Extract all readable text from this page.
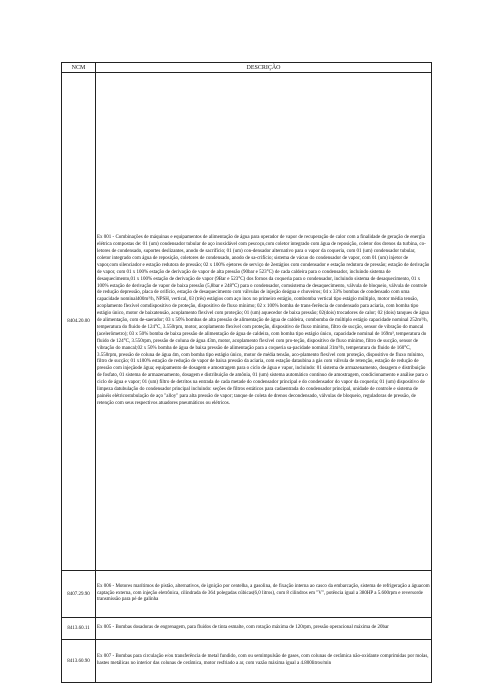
NCM	DESCRIÇÃO
8404.20.00	Ex 001 - Combinações de máquinas e equipamentos de alimentação de água para operador de vapor de recuperação de calor com a finalidade de geração de energia elétrica compostas de: 01 (um) condensador tubular de aço inoxidável com pescoço,com coletor integrado com água de reposição, coletor dos drenos da turbina, co-letores de condensado, suportes deslizantes, anodo de sacrifício; 01 (um) con-densador alternativo para o vapor da coqueria, com 01 (um) condensador tubular, coletor integrado com água de reposição, coletores de condensado, anodo de sa-crifício; sistema de vácuo do condensador de vapor, com 01 (um) injetor de vapor,com silenciador e estação redutora de pressão; 02 x 100% ejetores de serviço de 2estágios com condensador e estação redutora de pressão; estação de derivação de vapor, com 01 x 100% estação de derivação de vapor de alta pressão (90bar e 523°C) de cada caldeira para o condensador, incluindo sistema de desaquecimento,01 x 100% estação de derivação de vapor (9Bar e 523°C) dos fornos da coqueria para o condensador, incluindo sistema de desaquecimento, 01 x 100% estação de derivação de vapor de baixa pressão (5,8bar e 248°C) para o condensador, comsistema de desaquecimento, válvula de bloqueio, válvula de controle de redução depressão, placa de orifício, estação de desaquecimento com válvulas de injeção deágua e chuveiros; 04 x 33% bombas de condensado com uma capacidade nominal400m³/h, NPSH, vertical, 03 (três) estágios com aço inox no primeiro estágio, combomba vertical tipo estágio múltiplo, motor média tensão, acoplamento flexível comdispositivo de proteção, dispositivo de fluxo mínimo; 02 x 100% bomba de trans-ferência de condensado para aciaria, com bomba tipo estágio único, motor de baixatensão, acoplamento flexível com proteção; 01 (um) aquecedor de baixa pressão; 02(dois) trocadores de calor; 02 (dois) tanques de água de alimentação, com de-saerador; 03 x 50% bombas de alta pressão de alimentação de água de caldeira, combomba de múltiplo estágio capacidade nominal 252m³/h, temperatura do fluido de 124°C, 3.550rpm, motor, acoplamento flexível com proteção, dispositivo de fluxo mínimo, filtro de sucção, sensor de vibração do mancal (acelerômetro); 03 x 50% bomba de baixa pressão de alimentação de água de caldeira, com bomba tipo estágio único, capacidade nominal de 169m³, temperatura do fluido de 124°C, 3.550rpm, pressão de coluna de água 43m, motor, acoplamento flexível com pro-teção, dispositivo de fluxo mínimo, filtro de sucção, sensor de vibração do mancal;02 x 50% bomba de água de baixa pressão de alimentação para a coqueria sa-pacidade nominal 31m³/h, temperatura do fluido de 160°C, 3.550rpm, pressão de coluna de água 4m, com bomba tipo estágio único, motor de média tensão, aco-plamento flexível com proteção, dispositivo de fluxo mínimo, filtro de sucção; 01 x100% estação de redução de vapor de baixa pressão da aciaria, com estação dataubina a gás com válvula de retenção, estação de redução de pressão com injeçãode água; equipamento de dosagem e amostragem para o ciclo de água e vapor, incluindo: 01 sistema de armazenamento, dosagem e distribuição de fosfato, 01 sistema de armazenamento, dosagem e distribuição de amônia, 01 (um) sistema automático contínuo de amostragem, condicionamento e análise para o ciclo de água e vapor; 01 (um) filtro de detritos na entrada de cada metade do condensador principal e do condensador do vapor da coqueria; 01 (um) dispositivo de limpeza datubulação do condensador principal incluindo: seções de filtros estáticos para cadaentrada do condensador principal, unidade de controle e sistema de painéis elétricostubulação de aço "alloy" para alta pressão de vapor; tanque de coleta de drenos decondensado, válvulas de bloqueio, reguladoras de pressão, de retenção com seus respectivos atuadores pneumáticos ou elétricos.
8407.29.90	Ex 006 - Motores marítimos de pistão, alternativos, de ignição por centelha, a gasolina, de fixação interna ao casco da embarcação, sistema de refrigeração a águacom captação externa, com injeção eletrônica, cilindrada de 364 polegadas cúbicas(6,0 litros), com 8 cilindros em "V", potência igual a 380HP a 5.600rpm e reversorde transmissão para pé de galinha
8413.60.11	Ex 005 - Bombas dosadoras de engrenagem, para fluidos de tinta esmalte, com rotação máxima de 120rpm, pressão operacional máxima de 20bar
8413.60.90	Ex 007 - Bombas para circulação e/ou transferência de metal fundido, com ou semimpulsão de gases, com colunas de cerâmica não-oxidante comprimidas por molas, hastes metálicas no interior das colunas de cerâmica, motor resfriado a ar, com vazão máxima igual a 4.800litros/min
